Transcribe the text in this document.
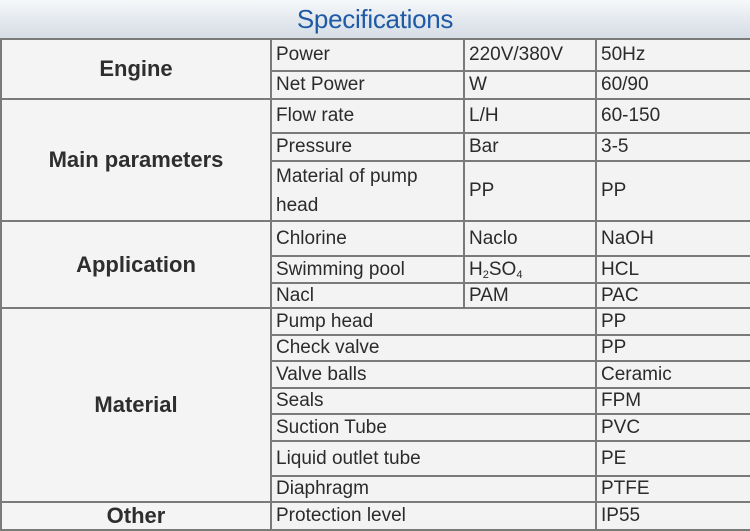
Specifications
Engine	Power	220V/380V	50Hz
	Net Power	W	60/90
Main parameters	Flow rate	L/H	60-150
	Pressure	Bar	3-5
	Material of pump head	PP	PP
Application	Chlorine	Naclo	NaOH
	Swimming pool	$H_2SO_4$	HCL
	Nacl	PAM	PAC
Material	Pump head		PP
	Check valve		PP
	Valve balls		Ceramic
	Seals		FPM
	Suction Tube		PVC
	Liquid outlet tube		PE
	Diaphragm		PTFE
Other	Protection level		IP55
